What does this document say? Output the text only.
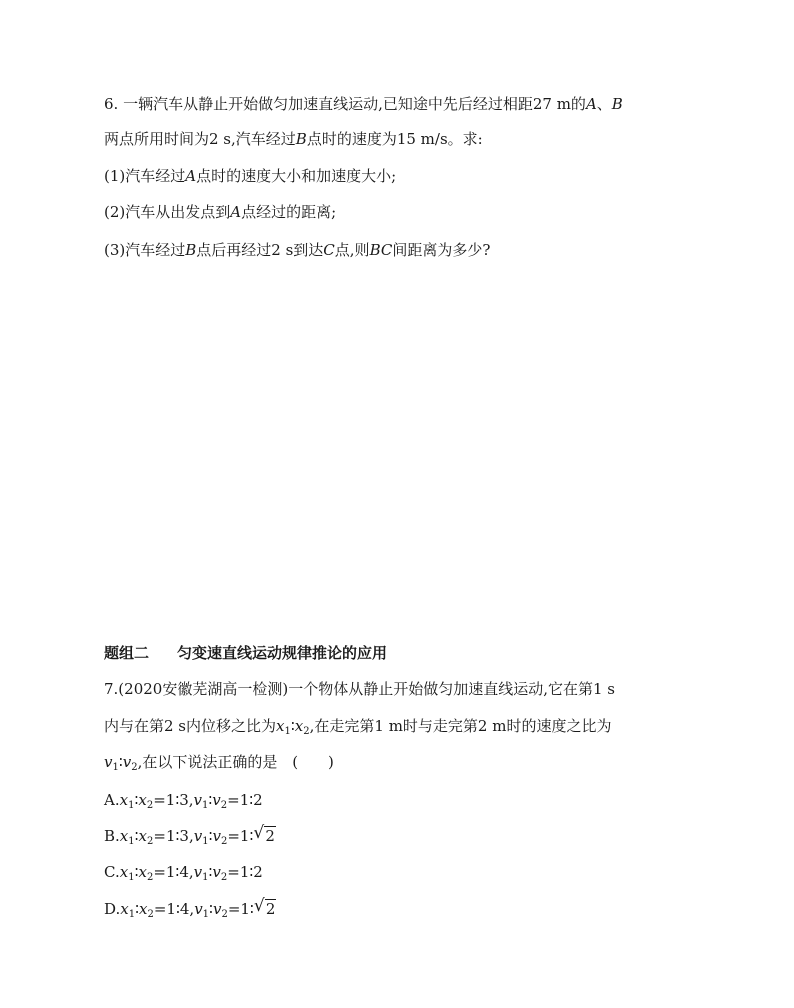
6. 一辆汽车从静止开始做匀加速直线运动,已知途中先后经过相距27 m的A、B
两点所用时间为2 s,汽车经过B点时的速度为15 m/s。求:
(1)汽车经过A点时的速度大小和加速度大小;
(2)汽车从出发点到A点经过的距离;
(3)汽车经过B点后再经过2 s到达C点,则BC间距离为多少?
题组二 匀变速直线运动规律推论的应用
7.(2020安徽芜湖高一检测)一个物体从静止开始做匀加速直线运动,它在第1 s
内与在第2 s内位移之比为$x_1∶x_2$,在走完第1 m时与走完第2 m时的速度之比为
$v_1∶v_2$,在以下说法正确的是 (　　)
$A.x_1∶x_2=1∶3,v_1∶v_2=1∶2$
$B.x_1∶x_2=1∶3,v_1∶v_2=1∶$ √ 2
$C.x_1∶x_2=1∶4,v_1∶v_2=1∶2$
$D.x_1∶x_2=1∶4,v_1∶v_2=1∶$ √ 2
